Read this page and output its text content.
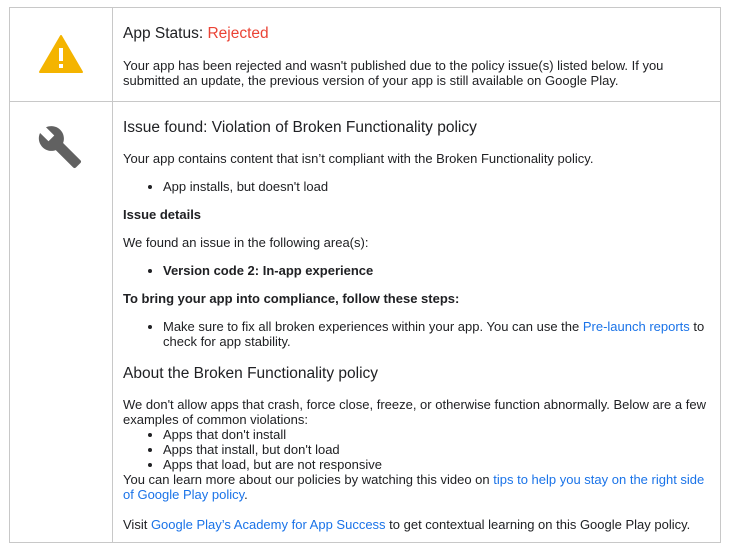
App Status: Rejected

Your app has been rejected and wasn't published due to the policy issue(s) listed below. If you submitted an update, the previous version of your app is still available on Google Play.

Issue found: Violation of Broken Functionality policy

Your app contains content that isn’t compliant with the Broken Functionality policy.

• App installs, but doesn't load

Issue details

We found an issue in the following area(s):

• Version code 2: In-app experience

To bring your app into compliance, follow these steps:

• Make sure to fix all broken experiences within your app. You can use the Pre-launch reports to check for app stability.
About the Broken Functionality policy

We don't allow apps that crash, force close, freeze, or otherwise function abnormally. Below are a few examples of common violations:

• Apps that don't install
• Apps that install, but don't load
• Apps that load, but are not responsive

You can learn more about our policies by watching this video on tips to help you stay on the right side of Google Play policy.

Visit Google Play’s Academy for App Success to get contextual learning on this Google Play policy.
